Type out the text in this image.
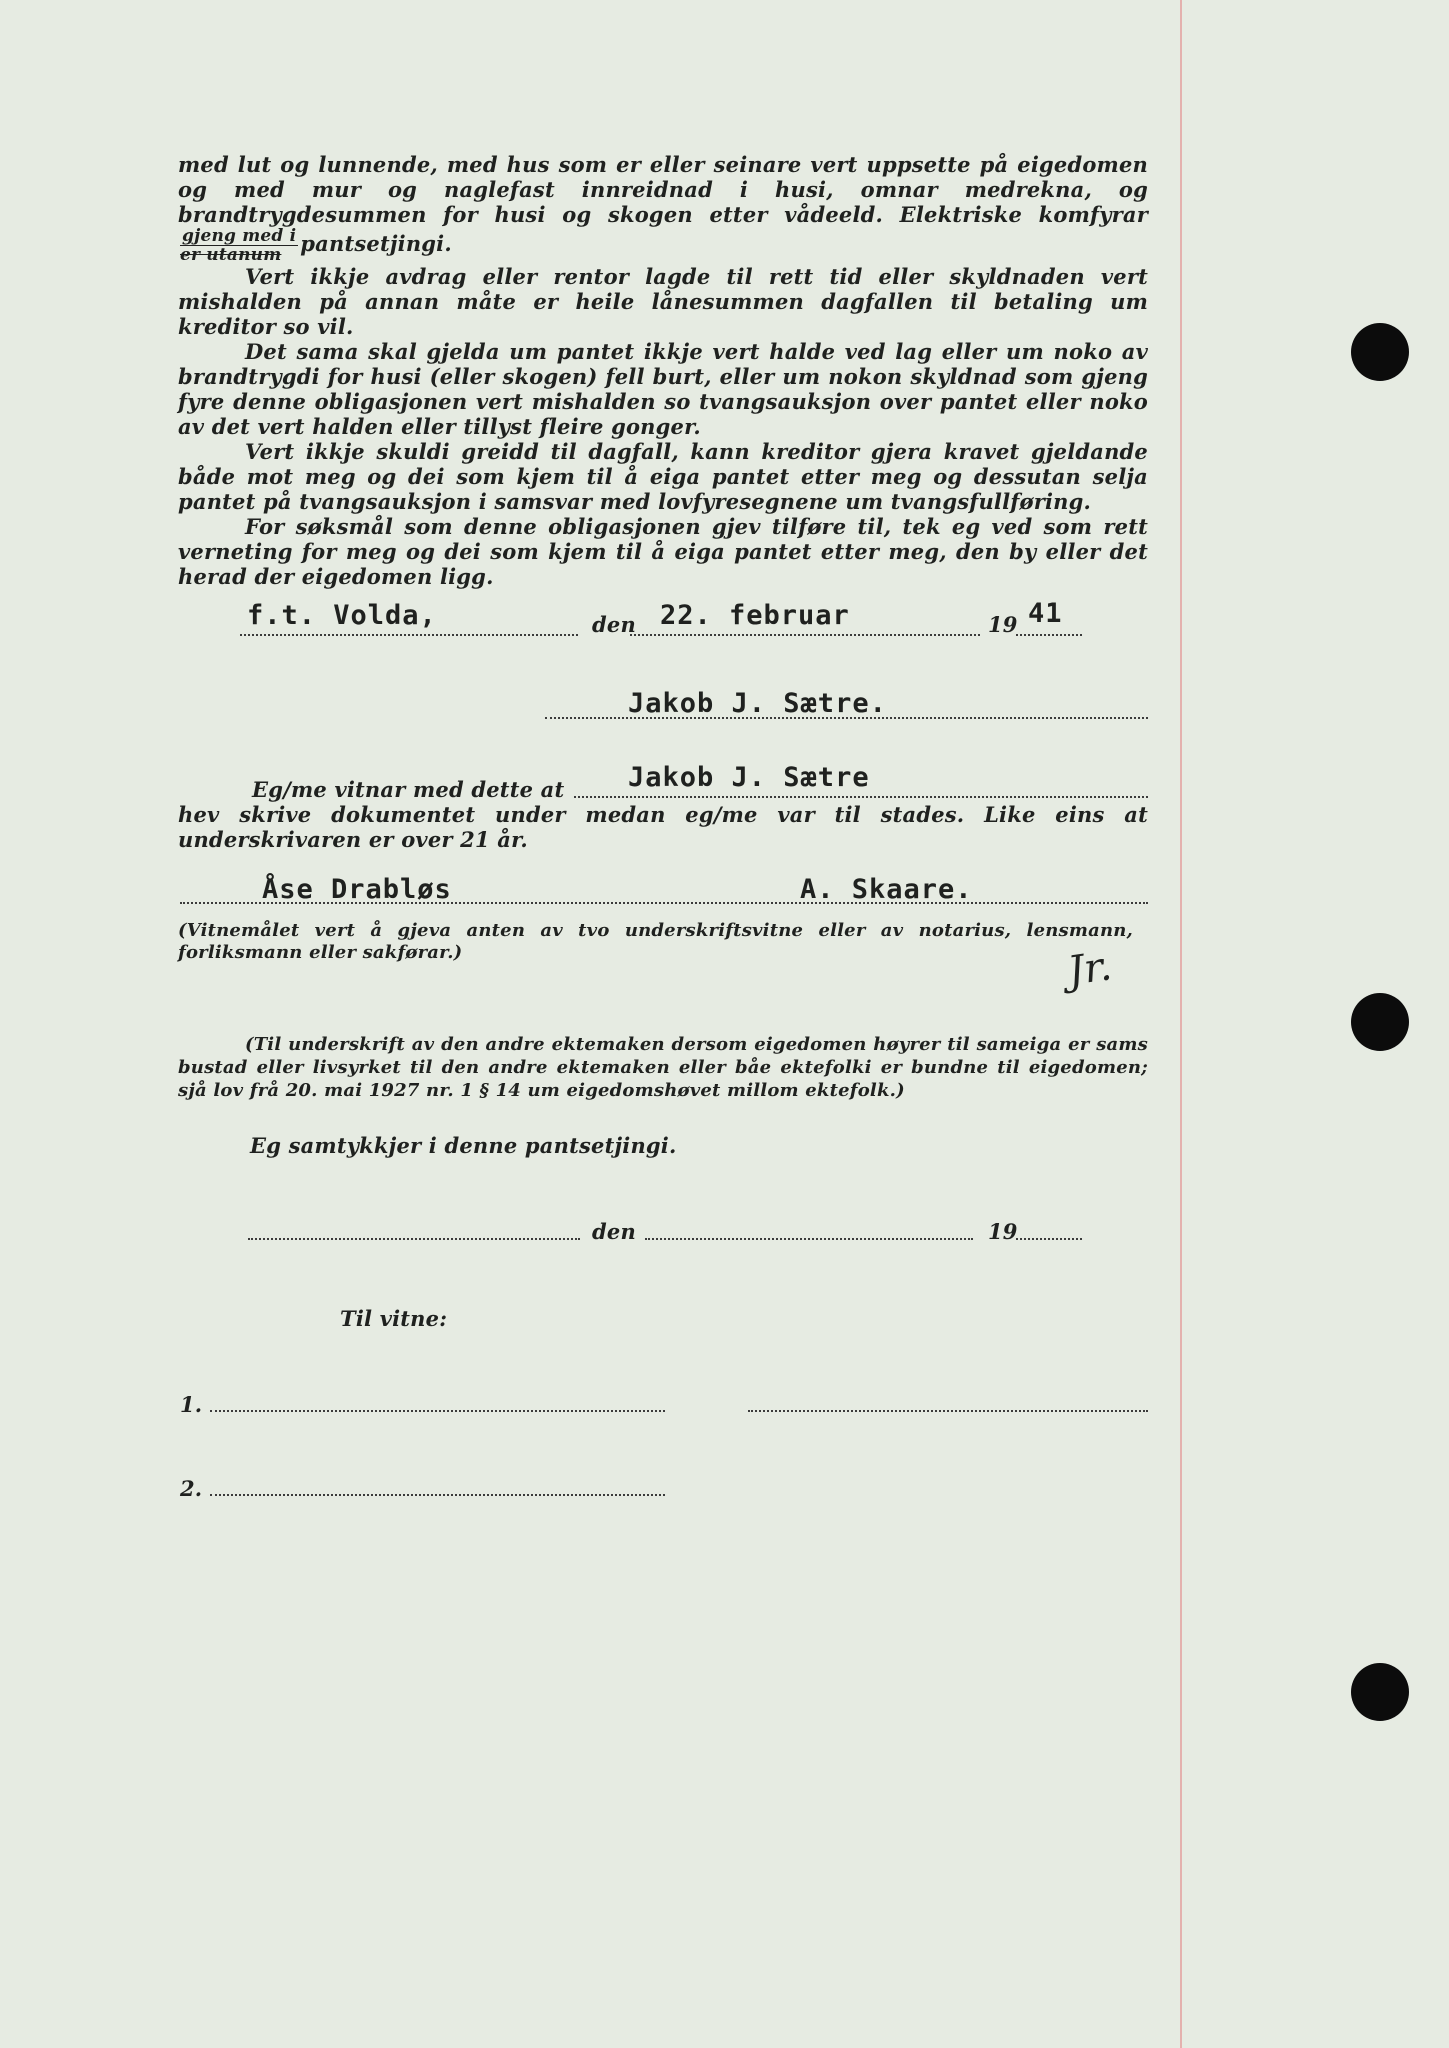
med lut og lunnende, med hus som er eller seinare vert uppsette på eigedomen og med mur og naglefast innreidnad i husi, omnar medrekna, og brandtrygdesummen for husi og skogen etter vådeeld. Elektriske komfyrar
$\frac{\text{gjeng med i}}{\text{er utanum}}$ pantsetjingi.

Vert ikkje avdrag eller rentor lagde til rett tid eller skyldnaden vert mishalden på annan måte er heile lånesummen dagfallen til betaling um kreditor so vil.

Det sama skal gjelda um pantet ikkje vert halde ved lag eller um noko av brandtrygdi for husi (eller skogen) fell burt, eller um nokon skyldnad som gjeng fyre denne obligasjonen vert mishalden so tvangsauksjon over pantet eller noko av det vert halden eller tillyst fleire gonger.

Vert ikkje skuldi greidd til dagfall, kann kreditor gjera kravet gjeldande både mot meg og dei som kjem til å eiga pantet etter meg og dessutan selja pantet på tvangsauksjon i samsvar med lovfyresegnene um tvangsfullføring.

For søksmål som denne obligasjonen gjev tilføre til, tek eg ved som rett verneting for meg og dei som kjem til å eiga pantet etter meg, den by eller det herad der eigedomen ligg.

f.t. Volda,	den 22. februar	19 41
Jakob J. Sætre.
Eg/me vitnar med dette at Jakob J. Sætre

hev skrive dokumentet under medan eg/me var til stades. Like eins at underskrivaren er over 21 år.

Åse Drabløs	A. Skaare.

(Vitnemålet vert å gjeva anten av tvo underskriftsvitne eller av notarius, lensmann, forliksmann eller sakførar.)	Jr.

(Til underskrift av den andre ektemaken dersom eigedomen høyrer til sameiga er sams bustad eller livsyrket til den andre ektemaken eller båe ektefolki er bundne til eigedomen; sjå lov frå 20. mai 1927 nr. 1 § 14 um eigedomshøvet millom ektefolk.)

Eg samtykkjer i denne pantsetjingi.
den	19
Til vitne:
1.
2.
